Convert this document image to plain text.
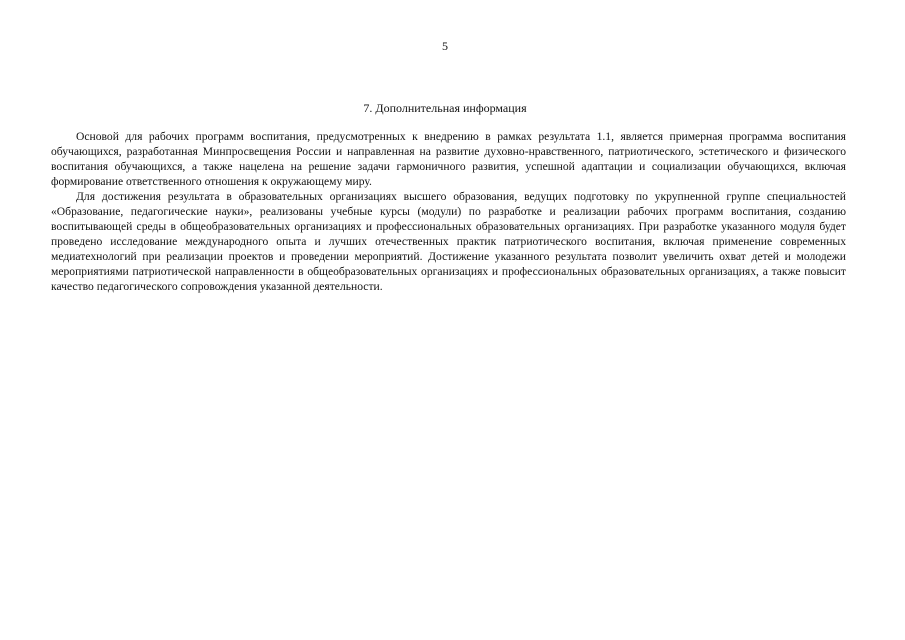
5
7. Дополнительная информация

Основой для рабочих программ воспитания, предусмотренных к внедрению в рамках результата 1.1, является примерная программа воспитания обучающихся, разработанная Минпросвещения России и направленная на развитие духовно-нравственного, патриотического, эстетического и физического воспитания обучающихся, а также нацелена на решение задачи гармоничного развития, успешной адаптации и социализации обучающихся, включая формирование ответственного отношения к окружающему миру.

Для достижения результата в образовательных организациях высшего образования, ведущих подготовку по укрупненной группе специальностей «Образование, педагогические науки», реализованы учебные курсы (модули) по разработке и реализации рабочих программ воспитания, созданию воспитывающей среды в общеобразовательных организациях и профессиональных образовательных организациях. При разработке указанного модуля будет проведено исследование международного опыта и лучших отечественных практик патриотического воспитания, включая применение современных медиатехнологий при реализации проектов и проведении мероприятий. Достижение указанного результата позволит увеличить охват детей и молодежи мероприятиями патриотической направленности в общеобразовательных организациях и профессиональных образовательных организациях, а также повысит качество педагогического сопровождения указанной деятельности.
